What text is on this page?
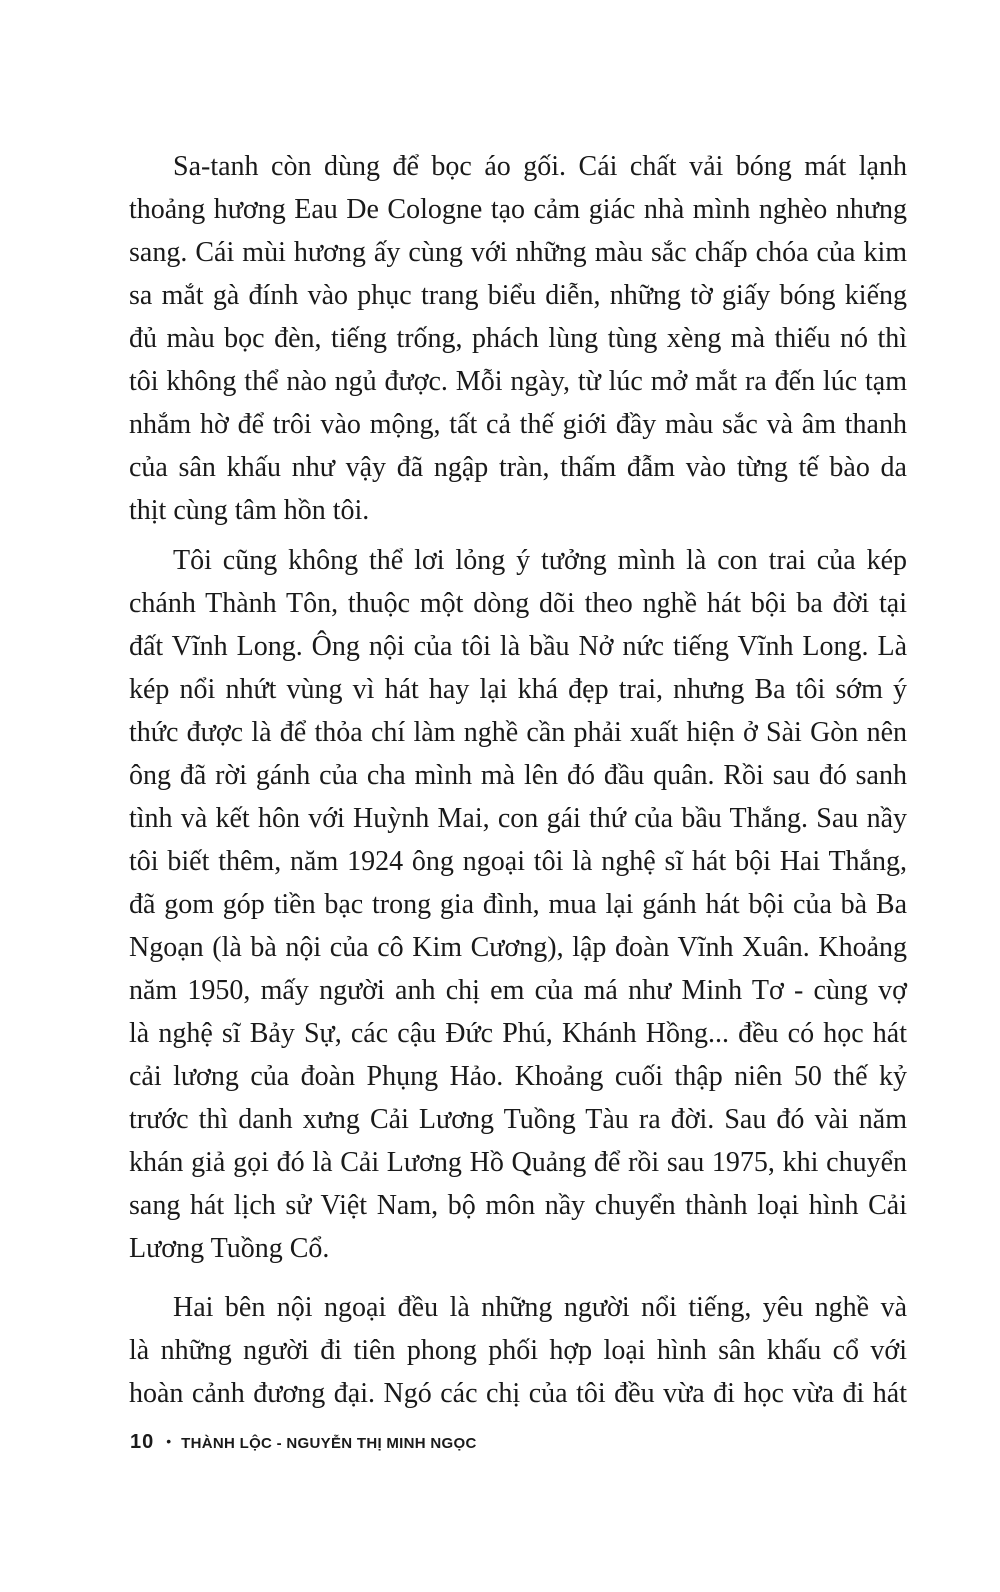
Sa-tanh còn dùng để bọc áo gối. Cái chất vải bóng mát lạnh
thoảng hương Eau De Cologne tạo cảm giác nhà mình nghèo nhưng
sang. Cái mùi hương ấy cùng với những màu sắc chấp chóa của kim
sa mắt gà đính vào phục trang biểu diễn, những tờ giấy bóng kiếng
đủ màu bọc đèn, tiếng trống, phách lùng tùng xèng mà thiếu nó thì
tôi không thể nào ngủ được. Mỗi ngày, từ lúc mở mắt ra đến lúc tạm
nhắm hờ để trôi vào mộng, tất cả thế giới đầy màu sắc và âm thanh
của sân khấu như vậy đã ngập tràn, thấm đẫm vào từng tế bào da
thịt cùng tâm hồn tôi.
Tôi cũng không thể lơi lỏng ý tưởng mình là con trai của kép
chánh Thành Tôn, thuộc một dòng dõi theo nghề hát bội ba đời tại
đất Vĩnh Long. Ông nội của tôi là bầu Nở nức tiếng Vĩnh Long. Là
kép nổi nhứt vùng vì hát hay lại khá đẹp trai, nhưng Ba tôi sớm ý
thức được là để thỏa chí làm nghề cần phải xuất hiện ở Sài Gòn nên
ông đã rời gánh của cha mình mà lên đó đầu quân. Rồi sau đó sanh
tình và kết hôn với Huỳnh Mai, con gái thứ của bầu Thắng. Sau nầy
tôi biết thêm, năm 1924 ông ngoại tôi là nghệ sĩ hát bội Hai Thắng,
đã gom góp tiền bạc trong gia đình, mua lại gánh hát bội của bà Ba
Ngoạn (là bà nội của cô Kim Cương), lập đoàn Vĩnh Xuân. Khoảng
năm 1950, mấy người anh chị em của má như Minh Tơ - cùng vợ
là nghệ sĩ Bảy Sự, các cậu Đức Phú, Khánh Hồng... đều có học hát
cải lương của đoàn Phụng Hảo. Khoảng cuối thập niên 50 thế kỷ
trước thì danh xưng Cải Lương Tuồng Tàu ra đời. Sau đó vài năm
khán giả gọi đó là Cải Lương Hồ Quảng để rồi sau 1975, khi chuyển
sang hát lịch sử Việt Nam, bộ môn nầy chuyển thành loại hình Cải
Lương Tuồng Cổ.
Hai bên nội ngoại đều là những người nổi tiếng, yêu nghề và
là những người đi tiên phong phối hợp loại hình sân khấu cổ với
hoàn cảnh đương đại. Ngó các chị của tôi đều vừa đi học vừa đi hát
10 • THÀNH LỘC - NGUYỄN THỊ MINH NGỌC
